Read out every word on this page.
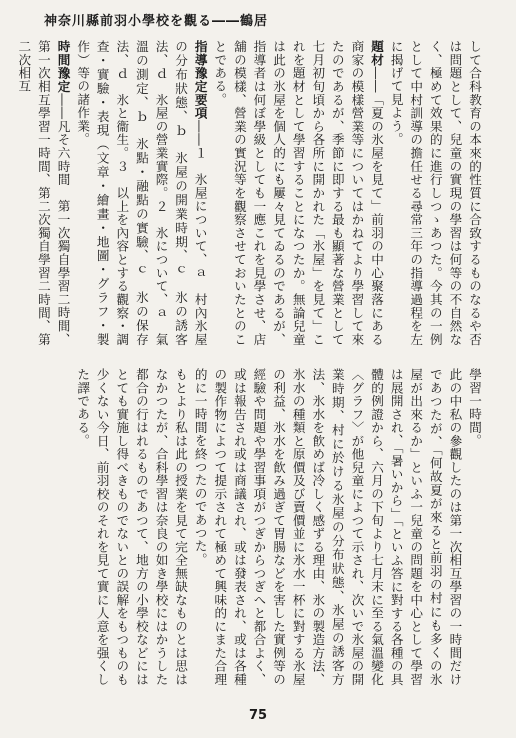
神奈川縣前羽小學校を觀る――鶴居

して合科教育の本來的性質に合致するものなるや否は問題として、兒童の實現の學習は何等の不自然なく、極めて效果的に進行しつゝあつた。今其の一例として中村訓導の擔任せる尋常三年の指導過程を左に揭げて見よう。

題材――「夏の氷屋を見て」前羽の中心聚落にある商家の模樣營業等についてはかねてより學習して來たのであるが、季節に即する最も顯著な營業として七月初旬頃から各所に開かれた「氷屋」を見て」これを題材として學習することになつたか。無論兒童は此の氷屋を個人的にも屢々見てゐるのであるが、指導者は何ぼ學級としても一應これを見學させ、店舖の模樣、營業の實況等を觀察させておいたとのことである。

指導豫定要項――１　氷屋について、ａ　村內氷屋の分布狀態、ｂ　氷屋の開業時期、ｃ　氷の誘客法、ｄ　氷屋の營業實際。２　氷について、ａ　氣溫の測定、ｂ　氷點・融點の實驗、ｃ　氷の保存法、ｄ　氷と衞生。３　以上を內容とする觀察・調查・實驗・表現（文章・繪畫・地圖・グラフ・製作）等の諸作業。

時間豫定――凡そ六時間　第一次獨自學習二時間、第一次相互學習一時間、第二次獨自學習二時間、第二次相互

學習一時間。

此の中私の參觀したのは第一次相互學習の一時間だけであつたが、「何故夏が來ると前羽の村にも多くの氷屋が出來るか」といふ一兒童の問題を中心として學習は展開され、「暑いから」「といふ答に對する各種の具體的例證から、六月の下旬より七月末に至る氣溫變化〈グラフ〉が他兒童によつて示され、次いで氷屋の開業時期、村に於ける氷屋の分布狀態、氷屋の誘客方法、氷水を飮めば冷しく感ずる理由、氷の製造方法、氷水の種類と原價及び賣價並に氷水一杯に對する氷屋の利益、氷水を飮み過ぎて胃腸などを害した實例等の經驗や問題や學習事項がつぎからつぎへと都合よく、或は報告され或は商議され、或は發表され、或は各種の製作物によつて提示されて極めて興味的にまた合理的に一時間を終つたのであつた。

もとより私は此の授業を見て完全無缺なものとは思はなかつたが、合科學習は奈良の如き學校にはかうした都合の行はれるものであつて、地方の小學校などにはとても實施し得べきものでないとの誤解をもつものも少くない今日、前羽校のそれを見て實に人意を强くした譯である。

75
